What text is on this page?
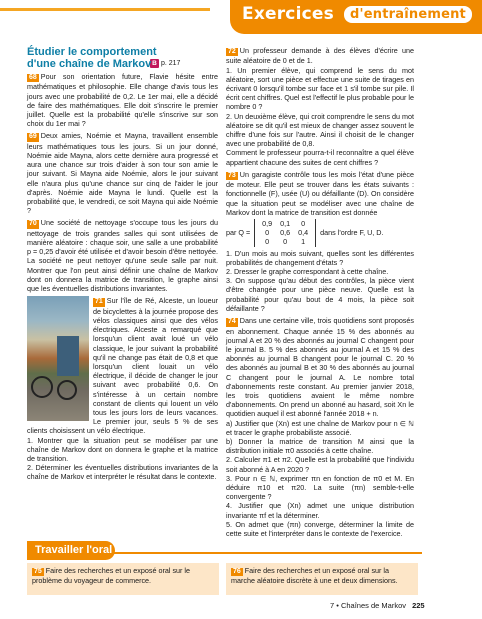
Exercices d'entraînement
B p. 217
Étudier le comportement
d'une chaîne de Markov
68 Pour son orientation future, Flavie hésite entre mathématiques et philosophie. Elle change d'avis tous les jours avec une probabilité de 0,2. Le 1er mai, elle a décidé de faire des mathématiques. Elle doit s'inscrire le premier juillet. Quelle est la probabilité qu'elle s'inscrive sur son choix du 1er mai ?
69 Deux amies, Noémie et Mayna, travaillent ensemble leurs mathématiques tous les jours. Si un jour donné, Noémie aide Mayna, alors cette dernière aura progressé et aura une chance sur trois d'aider à son tour son amie le jour suivant. Si Mayna aide Noémie, alors le jour suivant elle n'aura plus qu'une chance sur cinq de l'aider le jour d'après. Noémie aide Mayna le lundi. Quelle est la probabilité que, le vendredi, ce soit Mayna qui aide Noémie ?
70 Une société de nettoyage s'occupe tous les jours du nettoyage de trois grandes salles qui sont utilisées de manière aléatoire : chaque soir, une salle a une probabilité p = 0,25 d'avoir été utilisée et d'avoir besoin d'être nettoyée. La société ne peut nettoyer qu'une seule salle par nuit. Montrer que l'on peut ainsi définir une chaîne de Markov dont on donnera la matrice de transition, le graphe ainsi que les éventuelles distributions invariantes.
71 Sur l'île de Ré, Alceste, un loueur de bicyclettes à la journée propose des vélos classiques ainsi que des vélos électriques. Alceste a remarqué que lorsqu'un client avait loué un vélo classique, le jour suivant la probabilité qu'il ne change pas était de 0,8 et que lorsqu'un client louait un vélo électrique, il décide de changer le jour suivant avec probabilité 0,6. On s'intéresse à un certain nombre constant de clients qui louent un vélo tous les jours lors de leurs vacances. Le premier jour, seuls 5 % de ses clients choisissent un vélo électrique.
1. Montrer que la situation peut se modéliser par une chaîne de Markov dont on donnera le graphe et la matrice de transition.
2. Déterminer les éventuelles distributions invariantes de la chaîne de Markov et interpréter le résultat dans le contexte.
72 Un professeur demande à des élèves d'écrire une suite aléatoire de 0 et de 1.
1. Un premier élève, qui comprend le sens du mot aléatoire, sort une pièce et effectue une suite de tirages en écrivant 0 lorsqu'il tombe sur face et 1 s'il tombe sur pile. Il écrit cent chiffres. Quel est l'effectif le plus probable pour le nombre 0 ?
2. Un deuxième élève, qui croit comprendre le sens du mot aléatoire se dit qu'il est mieux de changer assez souvent le chiffre d'une fois sur l'autre. Ainsi il choisit de le changer avec une probabilité de 0,8.
Comment le professeur pourra-t-il reconnaître a quel élève appartient chacune des suites de cent chiffres ?
73 Un garagiste contrôle tous les mois l'état d'une pièce de moteur. Elle peut se trouver dans les états suivants : fonctionnelle (F), usée (U) ou défaillante (D). On considère que la situation peut se modéliser avec une chaîne de Markov dont la matrice de transition est donnée
par Q =
0,9	0,1	0
0	0,6	0,4
0	0	1
dans l'ordre F, U, D.
1. D'un mois au mois suivant, quelles sont les différentes probabilités de changement d'états ?
2. Dresser le graphe correspondant à cette chaîne.
3. On suppose qu'au début des contrôles, la pièce vient d'être changée pour une pièce neuve. Quelle est la probabilité pour qu'au bout de 4 mois, la pièce soit défaillante ?
74 Dans une certaine ville, trois quotidiens sont proposés en abonnement. Chaque année 15 % des abonnés au journal A et 20 % des abonnés au journal C changent pour le journal B. 5 % des abonnés au journal A et 15 % des abonnés au journal B changent pour le journal C. 20 % des abonnés au journal B et 30 % des abonnés au journal C changent pour le journal A. Le nombre total d'abonnements reste constant. Au premier janvier 2018, les trois quotidiens avaient le même nombre d'abonnements. On prend un abonné au hasard, soit Xn le quotidien auquel il est abonné l'année 2018 + n.
a) Justifier que (Xn) est une chaîne de Markov pour n ∈ ℕ et tracer le graphe probabiliste associé.
b) Donner la matrice de transition M ainsi que la distribution initiale π0 associés à cette chaîne.
2. Calculer π1 et π2. Quelle est la probabilité que l'individu soit abonné à A en 2020 ?
3. Pour n ∈ ℕ, exprimer πn en fonction de π0 et M. En déduire π10 et π20. La suite (πn) semble-t-elle convergente ?
4. Justifier que (Xn) admet une unique distribution invariante πf et la déterminer.
5. On admet que (πn) converge, déterminer la limite de cette suite et l'interpréter dans le contexte de l'exercice.
Travailler l'oral
75 Faire des recherches et un exposé oral sur le problème du voyageur de commerce.
76 Faire des recherches et un exposé oral sur la marche aléatoire discrète à une et deux dimensions.
7 • Chaînes de Markov 225
